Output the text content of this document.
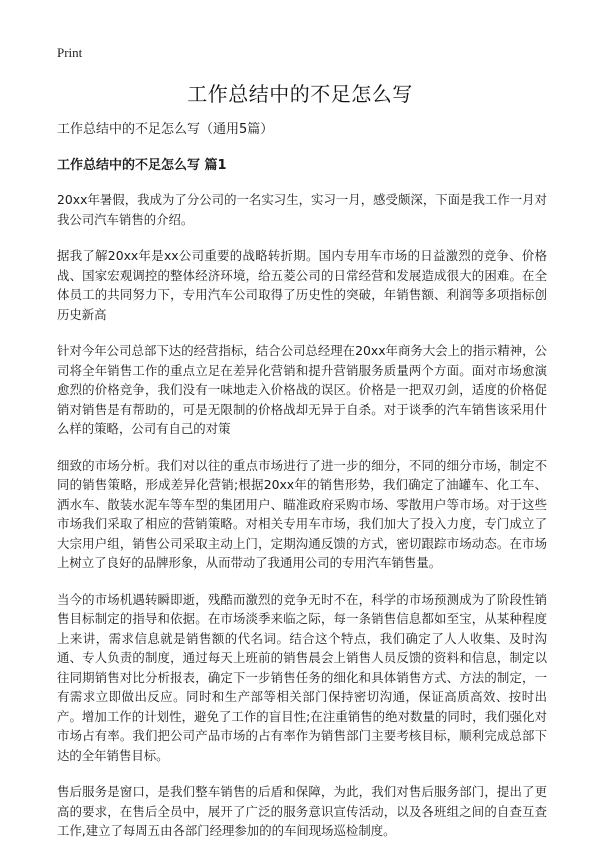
Print
工作总结中的不足怎么写
工作总结中的不足怎么写（通用5篇）
工作总结中的不足怎么写 篇1

20xx年暑假，我成为了分公司的一名实习生，实习一月，感受颇深，下面是我工作一月对我公司汽车销售的介绍。

据我了解20xx年是xx公司重要的战略转折期。国内专用车市场的日益激烈的竞争、价格战、国家宏观调控的整体经济环境，给五菱公司的日常经营和发展造成很大的困难。在全体员工的共同努力下，专用汽车公司取得了历史性的突破，年销售额、利润等多项指标创历史新高

针对今年公司总部下达的经营指标，结合公司总经理在20xx年商务大会上的指示精神，公司将全年销售工作的重点立足在差异化营销和提升营销服务质量两个方面。面对市场愈演愈烈的价格竞争，我们没有一味地走入价格战的误区。价格是一把双刃剑，适度的价格促销对销售是有帮助的，可是无限制的价格战却无异于自杀。对于谈季的汽车销售该采用什么样的策略，公司有自己的对策

细致的市场分析。我们对以往的重点市场进行了进一步的细分，不同的细分市场，制定不同的销售策略，形成差异化营销;根据20xx年的销售形势，我们确定了油罐车、化工车、洒水车、散装水泥车等车型的集团用户、瞄准政府采购市场、零散用户等市场。对于这些市场我们采取了相应的营销策略。对相关专用车市场，我们加大了投入力度，专门成立了大宗用户组，销售公司采取主动上门，定期沟通反馈的方式，密切跟踪市场动态。在市场上树立了良好的品牌形象，从而带动了我通用公司的专用汽车销售量。

当今的市场机遇转瞬即逝，残酷而激烈的竞争无时不在，科学的市场预测成为了阶段性销售目标制定的指导和依据。在市场淡季来临之际，每一条销售信息都如至宝，从某种程度上来讲，需求信息就是销售额的代名词。结合这个特点，我们确定了人人收集、及时沟通、专人负责的制度，通过每天上班前的销售晨会上销售人员反馈的资料和信息，制定以往同期销售对比分析报表，确定下一步销售任务的细化和具体销售方式、方法的制定，一有需求立即做出反应。同时和生产部等相关部门保持密切沟通，保证高质高效、按时出产。增加工作的计划性，避免了工作的盲目性;在注重销售的绝对数量的同时，我们强化对市场占有率。我们把公司产品市场的占有率作为销售部门主要考核目标，顺利完成总部下达的全年销售目标。

售后服务是窗口，是我们整车销售的后盾和保障，为此，我们对售后服务部门，提出了更高的要求，在售后全员中，展开了广泛的服务意识宣传活动，以及各班组之间的自查互查工作,建立了每周五由各部门经理参加的的车间现场巡检制度。
